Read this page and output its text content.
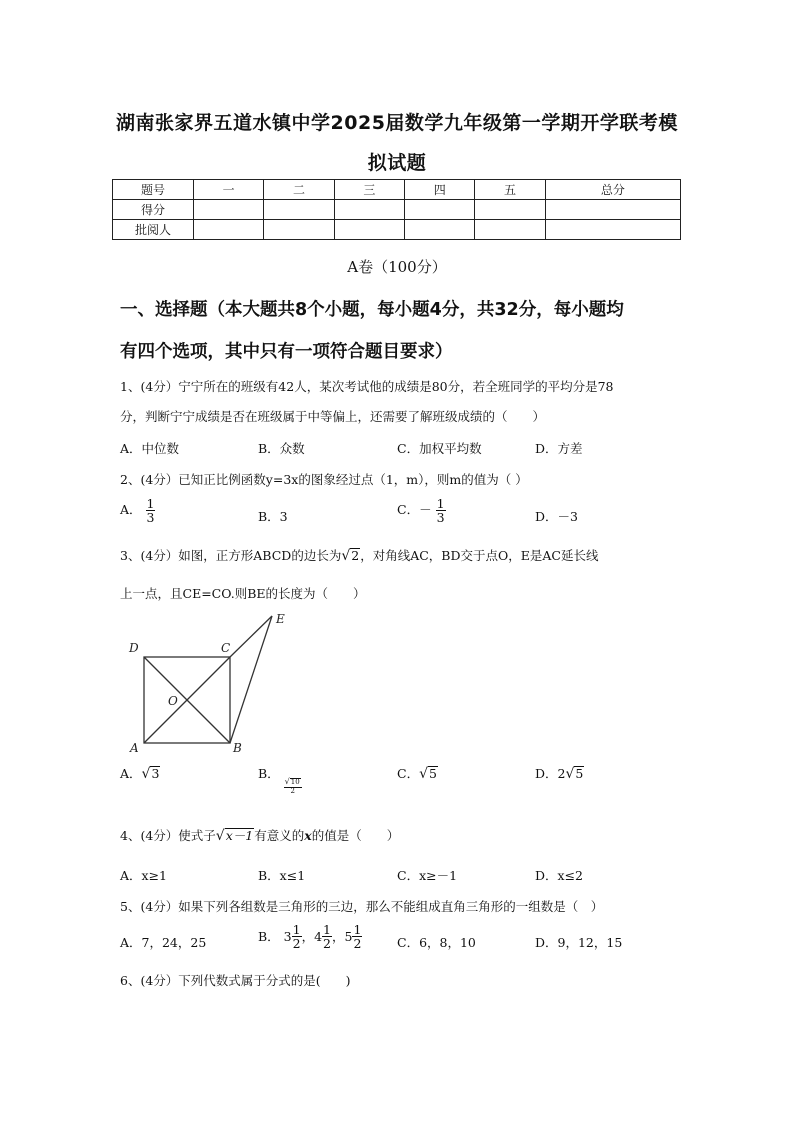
湖南张家界五道水镇中学2025届数学九年级第一学期开学联考模
拟试题
题号	一	二	三	四	五	总分
得分						
批阅人						
A卷（100分）
一、选择题（本大题共8个小题，每小题4分，共32分，每小题均
有四个选项，其中只有一项符合题目要求）
1、(4分）宁宁所在的班级有42人，某次考试他的成绩是80分，若全班同学的平均分是78
分，判断宁宁成绩是否在班级属于中等偏上，还需要了解班级成绩的（　　）
A．中位数	B．众数	C．加权平均数	D．方差
2、(4分）已知正比例函数y=3x的图象经过点（1，m），则m的值为（ ）
A． $\frac{1}{3}$	B．3	C．－ $\frac{1}{3}$	D．－3
3、(4分）如图，正方形ABCD的边长为 √ 2 ，对角线AC，BD交于点O，E是AC延长线
上一点，且CE=CO.则BE的长度为（　　）
D	C
E
O
A	B
A． √ 3	B．
$\frac{√ 10}{2}$
C． √ 5	D．2 √ 5
4、(4分）使式子 √ x－1 有意义的x的值是（　　）
A．x≥1	B．x≤1	C．x≥－1	D．x≤2
5、(4分）如果下列各组数是三角形的三边，那么不能组成直角三角形的一组数是（　）
A．7，24，25	B． $3 \frac{1}{2}$ ， $4 \frac{1}{2}$ ， $5 \frac{1}{2}$	C．6，8，10	D．9，12，15
6、(4分）下列代数式属于分式的是(　　)
